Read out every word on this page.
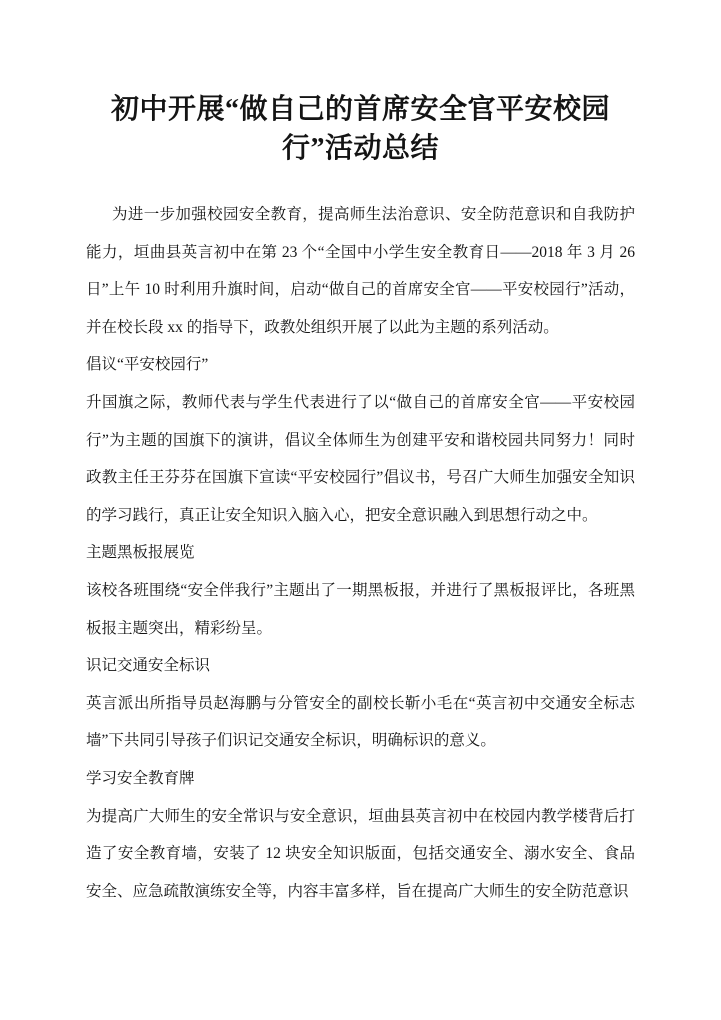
初中开展“做自己的首席安全官平安校园行”活动总结

为进一步加强校园安全教育，提高师生法治意识、安全防范意识和自我防护能力，垣曲县英言初中在第 23 个“全国中小学生安全教育日——2018 年 3 月 26 日”上午 10 时利用升旗时间，启动“做自己的首席安全官——平安校园行”活动，并在校长段 xx 的指导下，政教处组织开展了以此为主题的系列活动。

倡议“平安校园行”

升国旗之际，教师代表与学生代表进行了以“做自己的首席安全官——平安校园行”为主题的国旗下的演讲，倡议全体师生为创建平安和谐校园共同努力！同时政教主任王芬芬在国旗下宣读“平安校园行”倡议书，号召广大师生加强安全知识的学习践行，真正让安全知识入脑入心，把安全意识融入到思想行动之中。

主题黑板报展览

该校各班围绕“安全伴我行”主题出了一期黑板报，并进行了黑板报评比，各班黑板报主题突出，精彩纷呈。

识记交通安全标识

英言派出所指导员赵海鹏与分管安全的副校长靳小毛在“英言初中交通安全标志墙”下共同引导孩子们识记交通安全标识，明确标识的意义。

学习安全教育牌

为提高广大师生的安全常识与安全意识，垣曲县英言初中在校园内教学楼背后打造了安全教育墙，安装了 12 块安全知识版面，包括交通安全、溺水安全、食品安全、应急疏散演练安全等，内容丰富多样，旨在提高广大师生的安全防范意识
